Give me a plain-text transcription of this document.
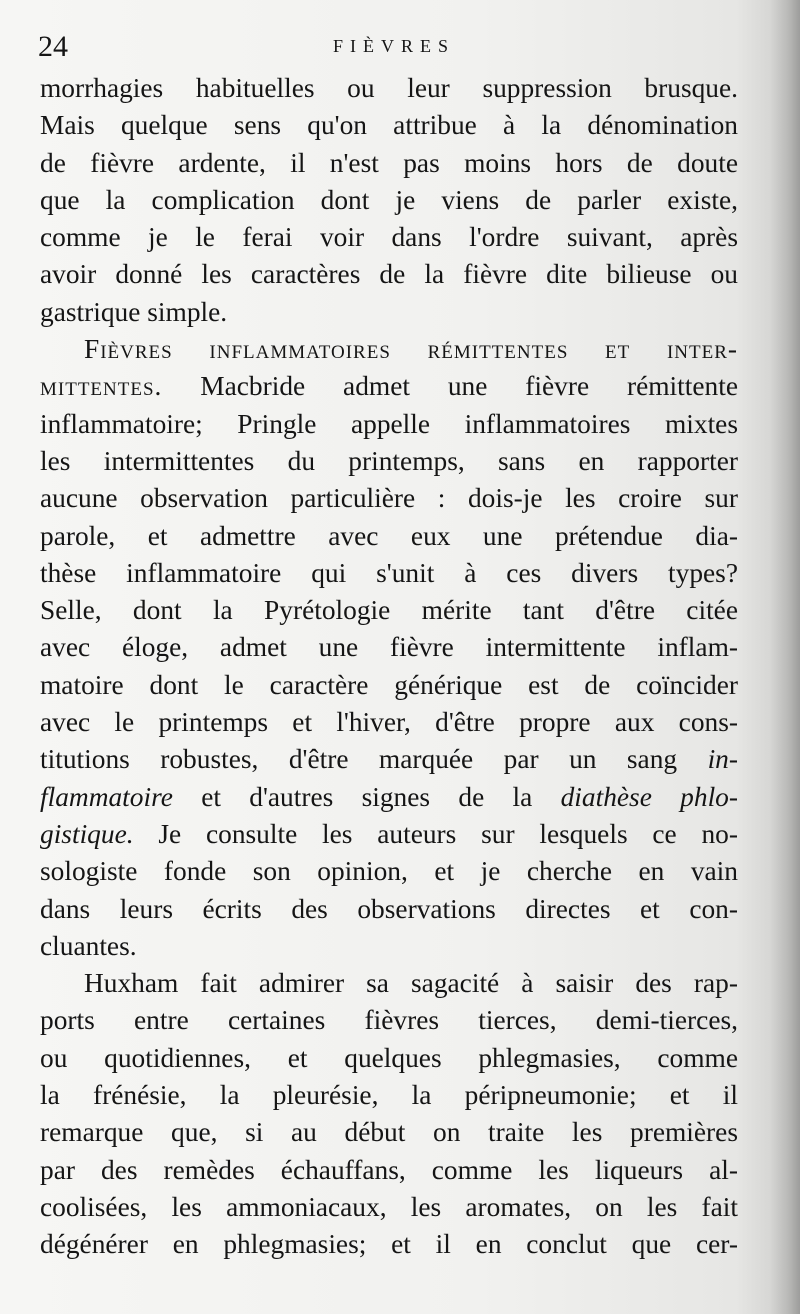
24	FIÈVRES
morrhagies habituelles ou leur suppression brusque.
Mais quelque sens qu'on attribue à la dénomination
de fièvre ardente, il n'est pas moins hors de doute
que la complication dont je viens de parler existe,
comme je le ferai voir dans l'ordre suivant, après
avoir donné les caractères de la fièvre dite bilieuse ou
gastrique simple.
Fièvres inflammatoires rémittentes et inter-
mittentes. Macbride admet une fièvre rémittente
inflammatoire; Pringle appelle inflammatoires mixtes
les intermittentes du printemps, sans en rapporter
aucune observation particulière : dois-je les croire sur
parole, et admettre avec eux une prétendue dia-
thèse inflammatoire qui s'unit à ces divers types?
Selle, dont la Pyrétologie mérite tant d'être citée
avec éloge, admet une fièvre intermittente inflam-
matoire dont le caractère générique est de coïncider
avec le printemps et l'hiver, d'être propre aux cons-
titutions robustes, d'être marquée par un sang in-
flammatoire et d'autres signes de la diathèse phlo-
gistique. Je consulte les auteurs sur lesquels ce no-
sologiste fonde son opinion, et je cherche en vain
dans leurs écrits des observations directes et con-
cluantes.
Huxham fait admirer sa sagacité à saisir des rap-
ports entre certaines fièvres tierces, demi-tierces,
ou quotidiennes, et quelques phlegmasies, comme
la frénésie, la pleurésie, la péripneumonie; et il
remarque que, si au début on traite les premières
par des remèdes échauffans, comme les liqueurs al-
coolisées, les ammoniacaux, les aromates, on les fait
dégénérer en phlegmasies; et il en conclut que cer-
